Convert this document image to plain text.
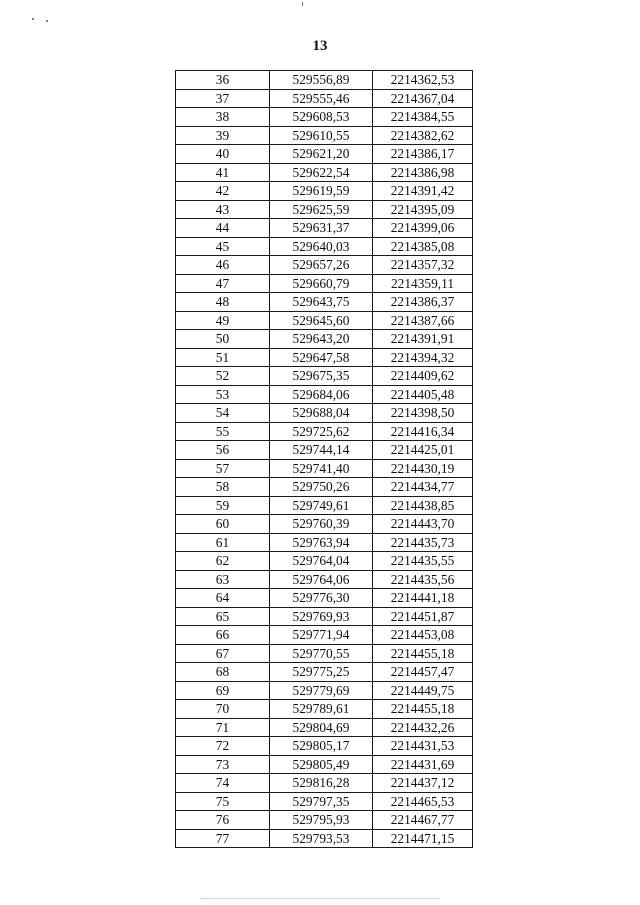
13
36	529556,89	2214362,53
37	529555,46	2214367,04
38	529608,53	2214384,55
39	529610,55	2214382,62
40	529621,20	2214386,17
41	529622,54	2214386,98
42	529619,59	2214391,42
43	529625,59	2214395,09
44	529631,37	2214399,06
45	529640,03	2214385,08
46	529657,26	2214357,32
47	529660,79	2214359,11
48	529643,75	2214386,37
49	529645,60	2214387,66
50	529643,20	2214391,91
51	529647,58	2214394,32
52	529675,35	2214409,62
53	529684,06	2214405,48
54	529688,04	2214398,50
55	529725,62	2214416,34
56	529744,14	2214425,01
57	529741,40	2214430,19
58	529750,26	2214434,77
59	529749,61	2214438,85
60	529760,39	2214443,70
61	529763,94	2214435,73
62	529764,04	2214435,55
63	529764,06	2214435,56
64	529776,30	2214441,18
65	529769,93	2214451,87
66	529771,94	2214453,08
67	529770,55	2214455,18
68	529775,25	2214457,47
69	529779,69	2214449,75
70	529789,61	2214455,18
71	529804,69	2214432,26
72	529805,17	2214431,53
73	529805,49	2214431,69
74	529816,28	2214437,12
75	529797,35	2214465,53
76	529795,93	2214467,77
77	529793,53	2214471,15
